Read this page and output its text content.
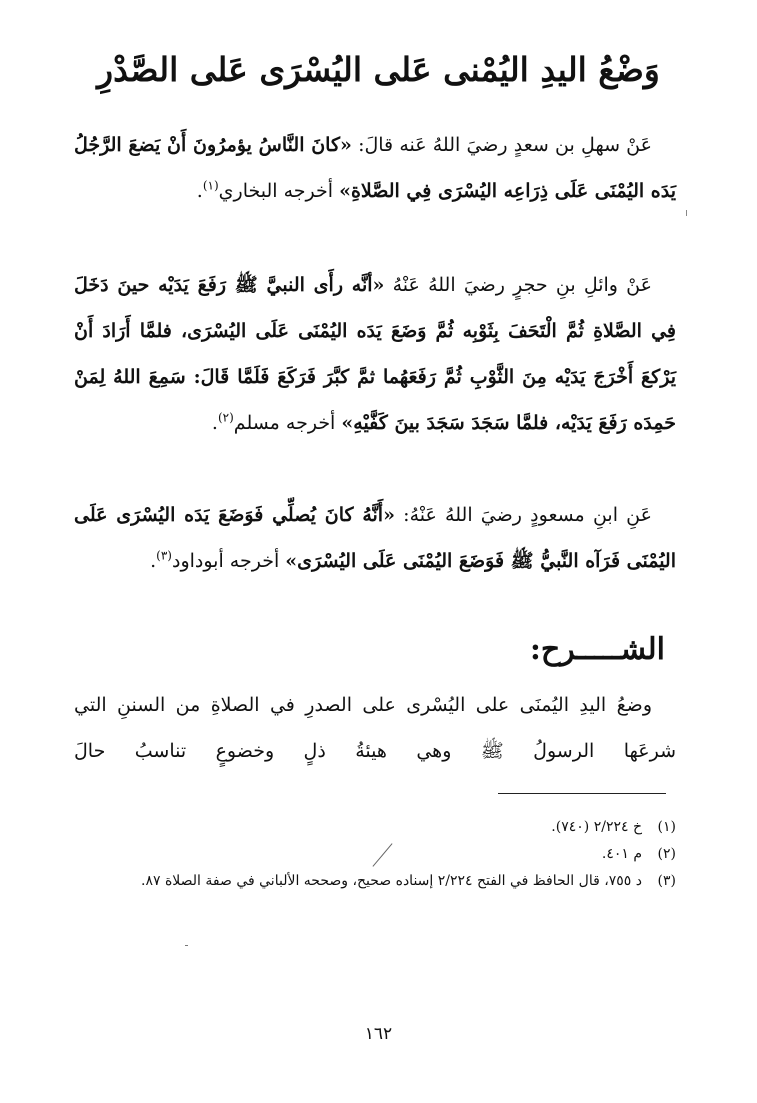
وَضْعُ اليدِ اليُمْنى عَلى اليُسْرَى عَلى الصَّدْرِ
عَنْ سهلِ بن سعدٍ رضيَ اللهُ عَنه قالَ: «كانَ النَّاسُ يؤمرُونَ أَنْ يَضعَ الرَّجُلُ يَدَه اليُمْنَى عَلَى ذِرَاعِه اليُسْرَى فِي الصَّلاةِ» أخرجه البخاري$^{(١)}$.
عَنْ وائلِ بنِ حجرٍ رضيَ اللهُ عَنْهُ «أنَّه رأَى النبيَّ ﷺ رَفَعَ يَدَيْه حينَ دَخَلَ فِي الصَّلاةِ ثُمَّ الْتَحَفَ بِثَوْبِه ثُمَّ وَضَعَ يَدَه اليُمْنَى عَلَى اليُسْرَى، فلمَّا أَرَادَ أَنْ يَرْكعَ أَخْرَجَ يَدَيْه مِنَ الثَّوْبِ ثُمَّ رَفَعَهُما ثمَّ كبَّرَ فَرَكَعَ فَلَمَّا قَالَ: سَمِعَ اللهُ لِمَنْ حَمِدَه رَفَعَ يَدَيْه، فلمَّا سَجَدَ سَجَدَ بينَ كَفَّيْهِ» أخرجه مسلم$^{(٢)}$.
عَنِ ابنِ مسعودٍ رضيَ اللهُ عَنْهُ: «أَنَّهُ كانَ يُصلِّي فَوَضَعَ يَدَه اليُسْرَى عَلَى اليُمْنَى فَرَآه النَّبيُّ ﷺ فَوَضَعَ اليُمْنَى عَلَى اليُسْرَى» أخرجه أبوداود$^{(٣)}$.
الشـــــرح:
وضعُ اليدِ اليُمنَى على اليُسْرى على الصدرِ في الصلاةِ من السننِ التي شرعَها الرسولُ ﷺ وهي هيئةُ ذلٍ وخضوعٍ تناسبُ حالَ
(١)
خ ٢/٢٢٤ (٧٤٠).
(٢)
م ٤٠١.
(٣)
د ٧٥٥، قال الحافظ في الفتح ٢/٢٢٤ إسناده صحيح، وصححه الألباني في صفة الصلاة ٨٧.
١٦٢
